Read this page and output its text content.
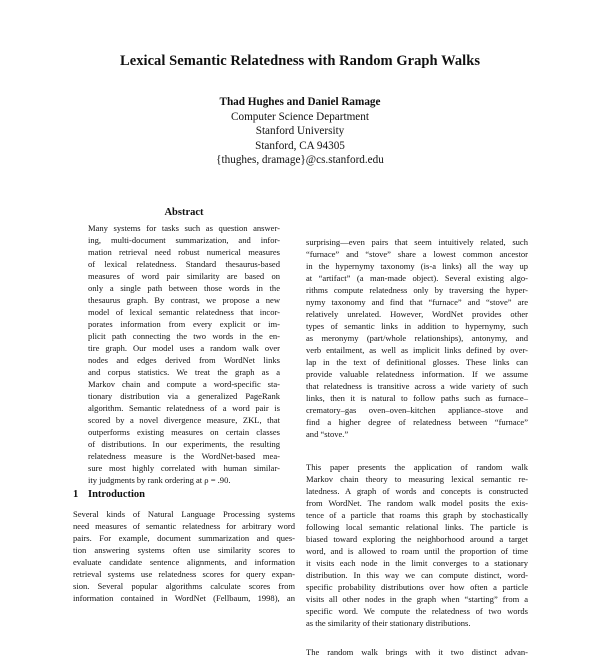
Lexical Semantic Relatedness with Random Graph Walks
Thad Hughes and Daniel Ramage
Computer Science Department
Stanford University
Stanford, CA 94305
{thughes, dramage}@cs.stanford.edu
Abstract
Many systems for tasks such as question answer-
ing, multi-document summarization, and infor-
mation retrieval need robust numerical measures
of lexical relatedness. Standard thesaurus-based
measures of word pair similarity are based on
only a single path between those words in the
thesaurus graph. By contrast, we propose a new
model of lexical semantic relatedness that incor-
porates information from every explicit or im-
plicit path connecting the two words in the en-
tire graph. Our model uses a random walk over
nodes and edges derived from WordNet links
and corpus statistics. We treat the graph as a
Markov chain and compute a word-specific sta-
tionary distribution via a generalized PageRank
algorithm. Semantic relatedness of a word pair is
scored by a novel divergence measure, ZKL, that
outperforms existing measures on certain classes
of distributions. In our experiments, the resulting
relatedness measure is the WordNet-based mea-
sure most highly correlated with human similar-
ity judgments by rank ordering at ρ = .90.
1 Introduction
Several kinds of Natural Language Processing systems
need measures of semantic relatedness for arbitrary word
pairs. For example, document summarization and ques-
tion answering systems often use similarity scores to
evaluate candidate sentence alignments, and information
retrieval systems use relatedness scores for query expan-
sion. Several popular algorithms calculate scores from
information contained in WordNet (Fellbaum, 1998), an
surprising—even pairs that seem intuitively related, such
“furnace” and “stove” share a lowest common ancestor
in the hypernymy taxonomy (is-a links) all the way up
at “artifact” (a man-made object). Several existing algo-
rithms compute relatedness only by traversing the hyper-
nymy taxonomy and find that “furnace” and “stove” are
relatively unrelated. However, WordNet provides other
types of semantic links in addition to hypernymy, such
as meronymy (part/whole relationships), antonymy, and
verb entailment, as well as implicit links defined by over-
lap in the text of definitional glosses. These links can
provide valuable relatedness information. If we assume
that relatedness is transitive across a wide variety of such
links, then it is natural to follow paths such as furnace–
crematory–gas oven–oven–kitchen appliance–stove and
find a higher degree of relatedness between “furnace”
and “stove.”
This paper presents the application of random walk
Markov chain theory to measuring lexical semantic re-
latedness. A graph of words and concepts is constructed
from WordNet. The random walk model posits the exis-
tence of a particle that roams this graph by stochastically
following local semantic relational links. The particle is
biased toward exploring the neighborhood around a target
word, and is allowed to roam until the proportion of time
it visits each node in the limit converges to a stationary
distribution. In this way we can compute distinct, word-
specific probability distributions over how often a particle
visits all other nodes in the graph when “starting” from a
specific word. We compute the relatedness of two words
as the similarity of their stationary distributions.
The random walk brings with it two distinct advan-
